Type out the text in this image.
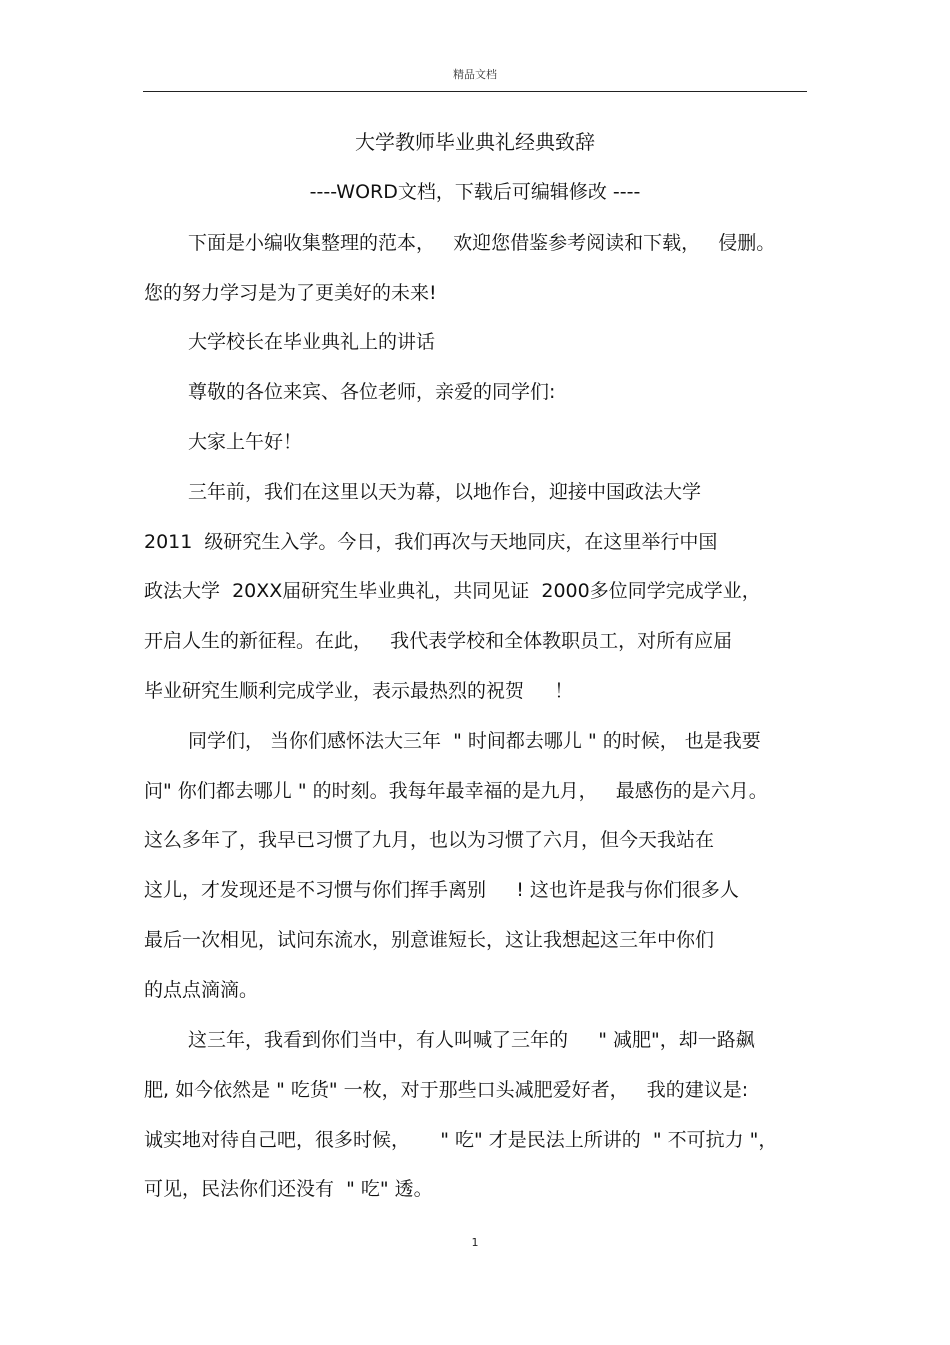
精品文档
大学教师毕业典礼经典致辞
----WORD文档，下载后可编辑修改 ----
下面是小编收集整理的范本，   欢迎您借鉴参考阅读和下载，   侵删。
您的努力学习是为了更美好的未来!
大学校长在毕业典礼上的讲话
尊敬的各位来宾、各位老师，亲爱的同学们:
大家上午好！
三年前，我们在这里以天为幕，以地作台，迎接中国政法大学
2011  级研究生入学。今日，我们再次与天地同庆，在这里举行中国
政法大学  20XX届研究生毕业典礼，共同见证  2000多位同学完成学业，
开启人生的新征程。在此，   我代表学校和全体教职员工，对所有应届
毕业研究生顺利完成学业，表示最热烈的祝贺     ！
同学们， 当你们感怀法大三年  " 时间都去哪儿 " 的时候， 也是我要
问" 你们都去哪儿 " 的时刻。我每年最幸福的是九月，   最感伤的是六月。
这么多年了，我早已习惯了九月，也以为习惯了六月，但今天我站在
这儿，才发现还是不习惯与你们挥手离别     ! 这也许是我与你们很多人
最后一次相见，试问东流水，别意谁短长，这让我想起这三年中你们
的点点滴滴。
这三年，我看到你们当中，有人叫喊了三年的     " 减肥"，却一路飙
肥, 如今依然是 " 吃货" 一枚，对于那些口头减肥爱好者，   我的建议是:
诚实地对待自己吧，很多时候，     " 吃" 才是民法上所讲的  " 不可抗力 "，
可见，民法你们还没有  " 吃" 透。
1
